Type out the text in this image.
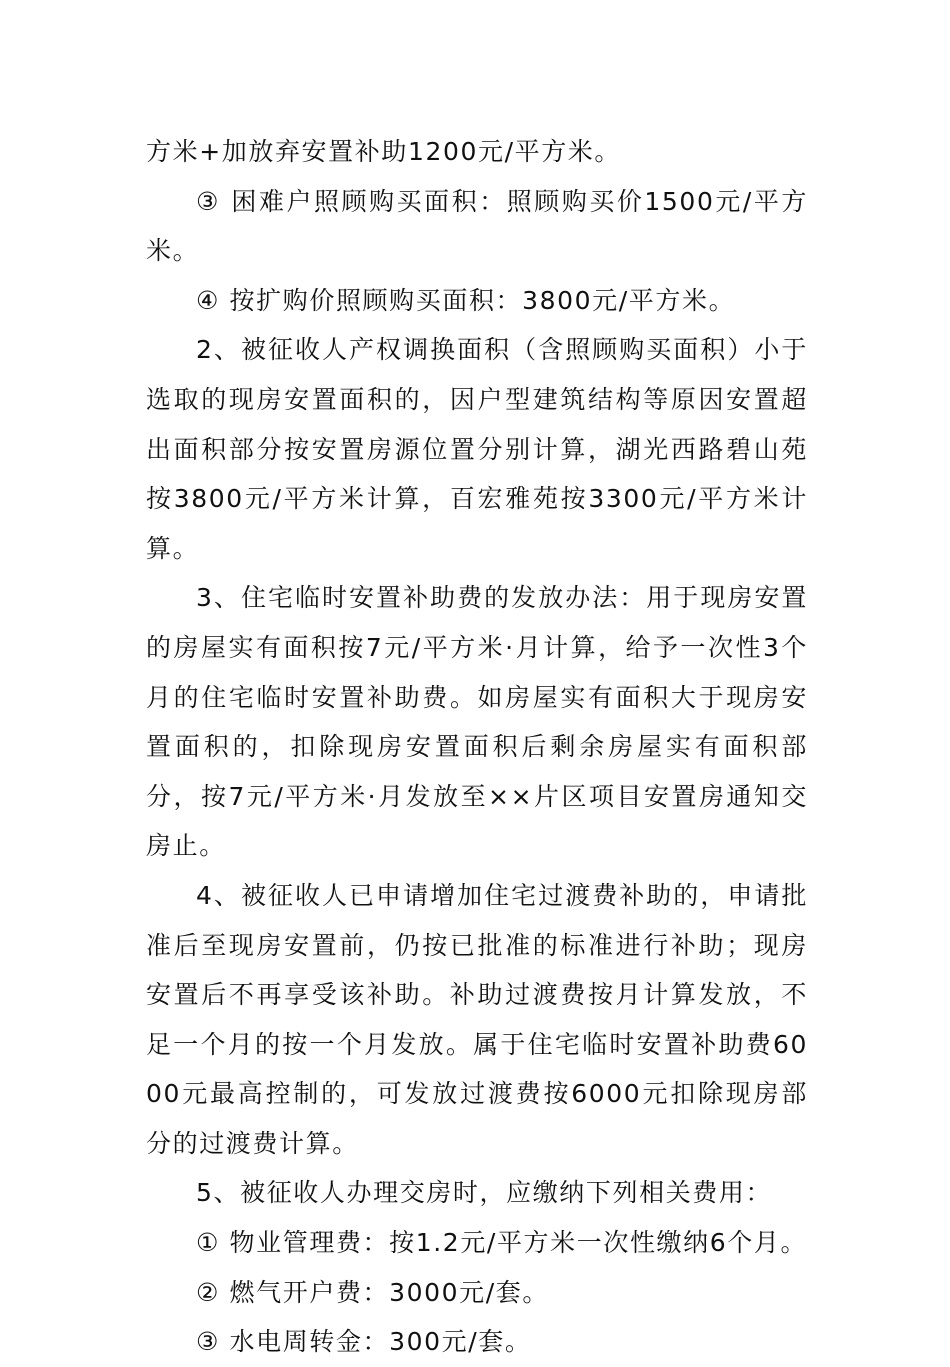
方米+加放弃安置补助1200元/平方米。

③ 困难户照顾购买面积：照顾购买价1500元/平方米。

④ 按扩购价照顾购买面积：3800元/平方米。

2、被征收人产权调换面积（含照顾购买面积）小于选取的现房安置面积的，因户型建筑结构等原因安置超出面积部分按安置房源位置分别计算，湖光西路碧山苑按3800元/平方米计算，百宏雅苑按3300元/平方米计算。

3、住宅临时安置补助费的发放办法：用于现房安置的房屋实有面积按7元/平方米·月计算，给予一次性3个月的住宅临时安置补助费。如房屋实有面积大于现房安置面积的，扣除现房安置面积后剩余房屋实有面积部分，按7元/平方米·月发放至××片区项目安置房通知交房止。

4、被征收人已申请增加住宅过渡费补助的，申请批准后至现房安置前，仍按已批准的标准进行补助；现房安置后不再享受该补助。补助过渡费按月计算发放，不足一个月的按一个月发放。属于住宅临时安置补助费6000元最高控制的，可发放过渡费按6000元扣除现房部分的过渡费计算。

5、被征收人办理交房时，应缴纳下列相关费用：

① 物业管理费：按1.2元/平方米一次性缴纳6个月。

② 燃气开户费：3000元/套。

③ 水电周转金：300元/套。
